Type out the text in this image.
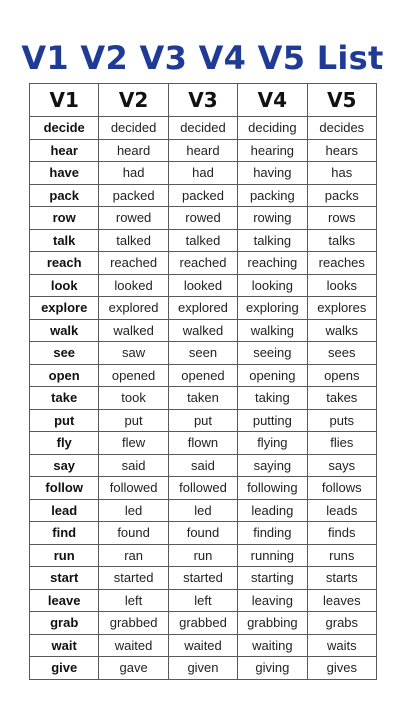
V1 V2 V3 V4 V5 List
V1	V2	V3	V4	V5
decide	decided	decided	deciding	decides
hear	heard	heard	hearing	hears
have	had	had	having	has
pack	packed	packed	packing	packs
row	rowed	rowed	rowing	rows
talk	talked	talked	talking	talks
reach	reached	reached	reaching	reaches
look	looked	looked	looking	looks
explore	explored	explored	exploring	explores
walk	walked	walked	walking	walks
see	saw	seen	seeing	sees
open	opened	opened	opening	opens
take	took	taken	taking	takes
put	put	put	putting	puts
fly	flew	flown	flying	flies
say	said	said	saying	says
follow	followed	followed	following	follows
lead	led	led	leading	leads
find	found	found	finding	finds
run	ran	run	running	runs
start	started	started	starting	starts
leave	left	left	leaving	leaves
grab	grabbed	grabbed	grabbing	grabs
wait	waited	waited	waiting	waits
give	gave	given	giving	gives
